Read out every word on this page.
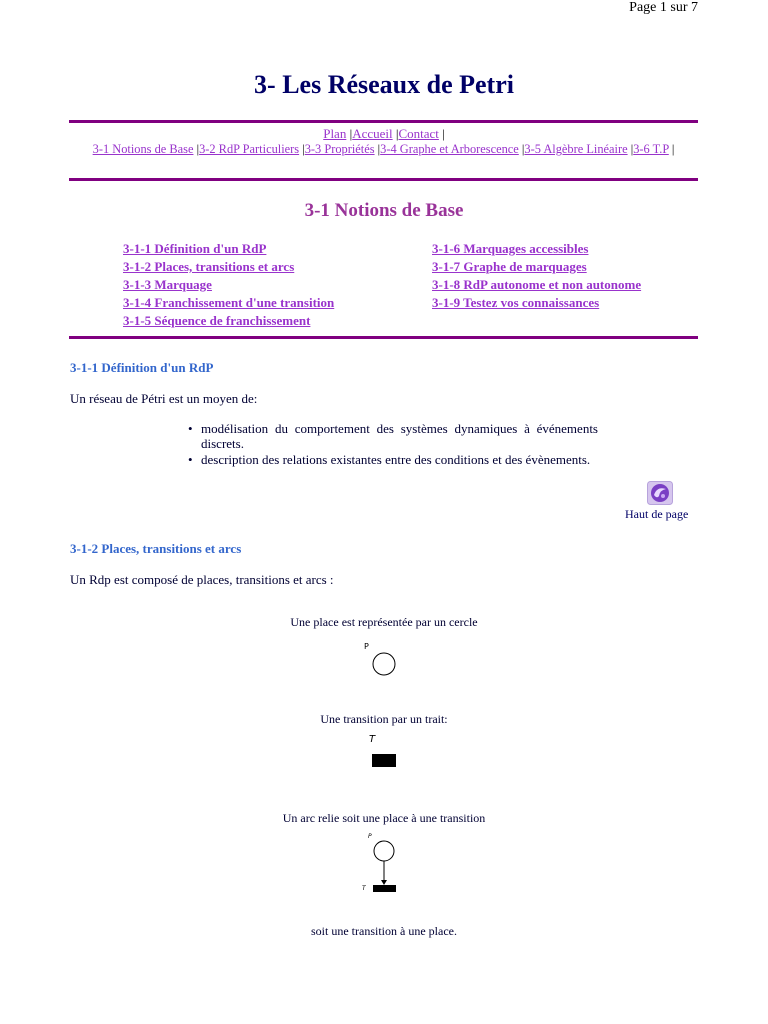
Page 1 sur 7
3- Les Réseaux de Petri
Plan |Accueil |Contact |
3-1 Notions de Base |3-2 RdP Particuliers |3-3 Propriétés |3-4 Graphe et Arborescence |3-5 Algèbre Linéaire |3-6 T.P |
3-1 Notions de Base
3-1-1 Définition d'un RdP
3-1-2 Places, transitions et arcs
3-1-3 Marquage
3-1-4 Franchissement d'une transition
3-1-5 Séquence de franchissement
3-1-6 Marquages accessibles
3-1-7 Graphe de marquages
3-1-8 RdP autonome et non autonome
3-1-9 Testez vos connaissances
3-1-1 Définition d'un RdP
Un réseau de Pétri est un moyen de:
• modélisation du comportement des systèmes dynamiques à événements discrets.
• description des relations existantes entre des conditions et des évènements.
Haut de page
3-1-2 Places, transitions et arcs
Un Rdp est composé de places, transitions et arcs :
Une place est représentée par un cercle
P
Une transition par un trait:
T
Un arc relie soit une place à une transition
P
T
soit une transition à une place.
